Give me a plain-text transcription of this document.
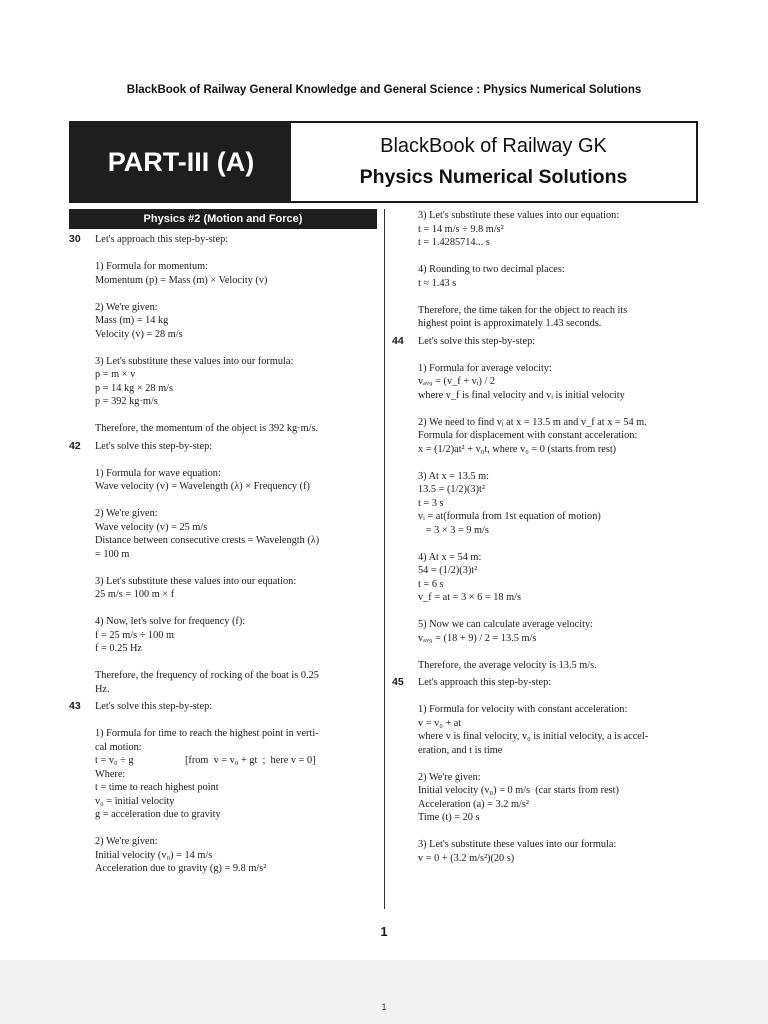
BlackBook of Railway General Knowledge and General Science : Physics Numerical Solutions
PART-III (A)
BlackBook of Railway GK
Physics Numerical Solutions
Physics #2 (Motion and Force)
30	Let's approach this step-by-step:
1) Formula for momentum:
Momentum (p) = Mass (m) × Velocity (v)
2) We're given:
Mass (m) = 14 kg
Velocity (v) = 28 m/s
3) Let's substitute these values into our formula:
p = m × v
p = 14 kg × 28 m/s
p = 392 kg·m/s
Therefore, the momentum of the object is 392 kg·m/s.
42	Let's solve this step-by-step:
1) Formula for wave equation:
Wave velocity (v) = Wavelength (λ) × Frequency (f)
2) We're given:
Wave velocity (v) = 25 m/s
Distance between consecutive crests = Wavelength (λ)
= 100 m
3) Let's substitute these values into our equation:
25 m/s = 100 m × f
4) Now, let's solve for frequency (f):
f = 25 m/s ÷ 100 m
f = 0.25 Hz
Therefore, the frequency of rocking of the boat is 0.25
Hz.
43	Let's solve this step-by-step:
1) Formula for time to reach the highest point in verti-
cal motion:
t = v₀ ÷ g                    [from  v = v₀ + gt  ;  here v = 0]
Where:
t = time to reach highest point
v₀ = initial velocity
g = acceleration due to gravity
2) We're given:
Initial velocity (v₀) = 14 m/s
Acceleration due to gravity (g) = 9.8 m/s²
3) Let's substitute these values into our equation:
t = 14 m/s ÷ 9.8 m/s²
t = 1.4285714... s
4) Rounding to two decimal places:
t ≈ 1.43 s
Therefore, the time taken for the object to reach its
highest point is approximately 1.43 seconds.
44	Let's solve this step-by-step:
1) Formula for average velocity:
vₐᵥ₉ = (v_f + vᵢ) / 2
where v_f is final velocity and vᵢ is initial velocity
2) We need to find vᵢ at x = 13.5 m and v_f at x = 54 m.
Formula for displacement with constant acceleration:
x = (1/2)at² + v₀t, where v₀ = 0 (starts from rest)
3) At x = 13.5 m:
13.5 = (1/2)(3)t²
t = 3 s
vᵢ = at(formula from 1st equation of motion)
= 3 × 3 = 9 m/s
4) At x = 54 m:
54 = (1/2)(3)t²
t = 6 s
v_f = at = 3 × 6 = 18 m/s
5) Now we can calculate average velocity:
vₐᵥ₉ = (18 + 9) / 2 = 13.5 m/s
Therefore, the average velocity is 13.5 m/s.
45	Let's approach this step-by-step:
1) Formula for velocity with constant acceleration:
v = v₀ + at
where v is final velocity, v₀ is initial velocity, a is accel-
eration, and t is time
2) We're given:
Initial velocity (v₀) = 0 m/s  (car starts from rest)
Acceleration (a) = 3.2 m/s²
Time (t) = 20 s
3) Let's substitute these values into our formula:
v = 0 + (3.2 m/s²)(20 s)
1
1
